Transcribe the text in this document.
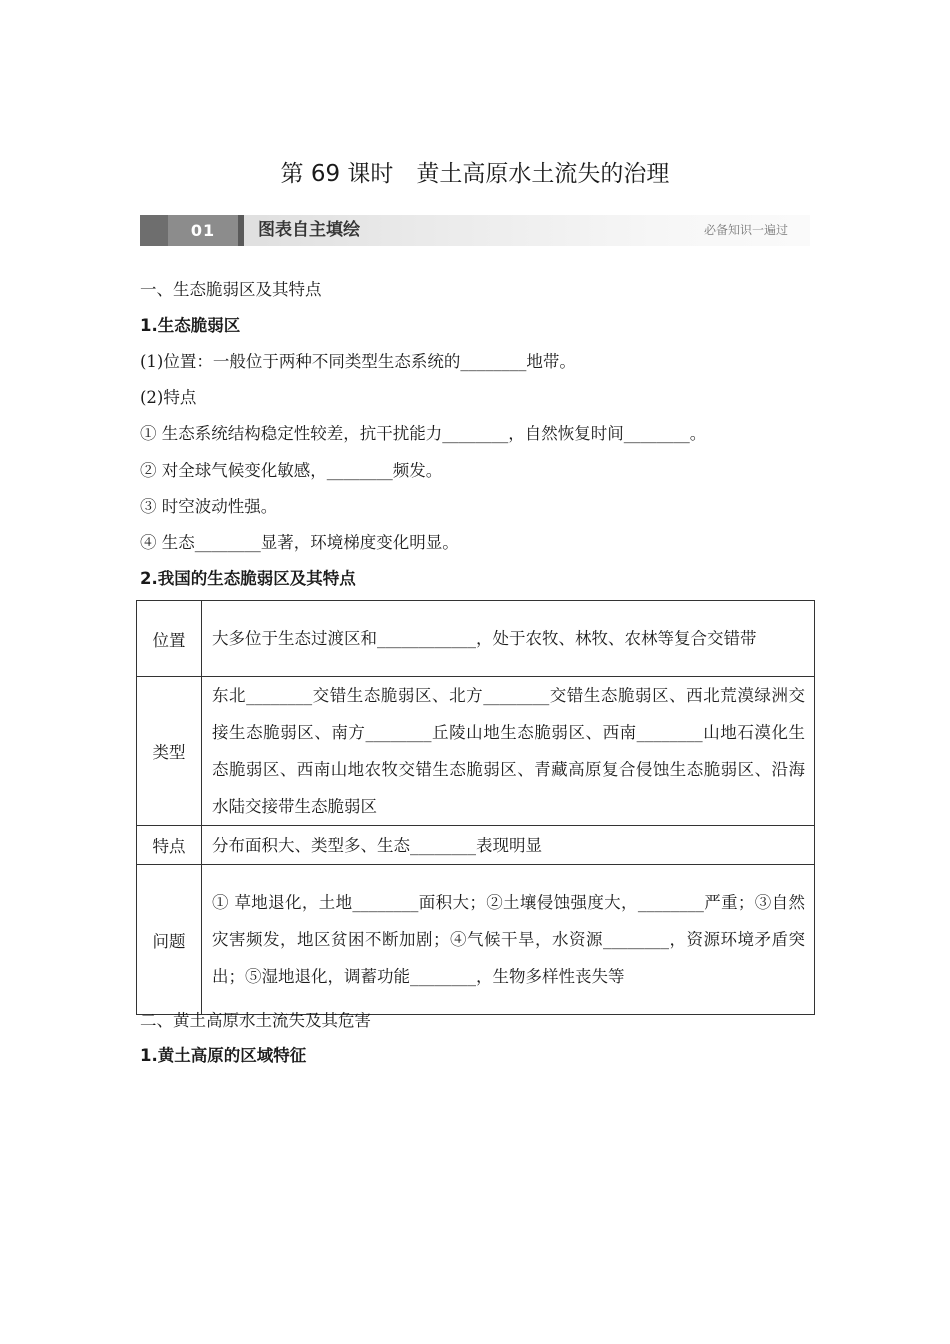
第 69 课时　黄土高原水土流失的治理
01	图表自主填绘	必备知识一遍过
一、生态脆弱区及其特点
1.生态脆弱区
(1)位置：一般位于两种不同类型生态系统的________地带。
(2)特点
① 生态系统结构稳定性较差，抗干扰能力________，自然恢复时间________。
② 对全球气候变化敏感，________频发。
③ 时空波动性强。
④ 生态________显著，环境梯度变化明显。
2.我国的生态脆弱区及其特点
位置	大多位于生态过渡区和____________，处于农牧、林牧、农林等复合交错带
类型	东北________交错生态脆弱区、北方________交错生态脆弱区、西北荒漠绿洲交接生态脆弱区、南方________丘陵山地生态脆弱区、西南________山地石漠化生态脆弱区、西南山地农牧交错生态脆弱区、青藏高原复合侵蚀生态脆弱区、沿海水陆交接带生态脆弱区
特点	分布面积大、类型多、生态________表现明显
问题	① 草地退化，土地________面积大；②土壤侵蚀强度大，________严重；③自然灾害频发，地区贫困不断加剧；④气候干旱，水资源________，资源环境矛盾突出；⑤湿地退化，调蓄功能________，生物多样性丧失等
二、黄土高原水土流失及其危害
1.黄土高原的区域特征
